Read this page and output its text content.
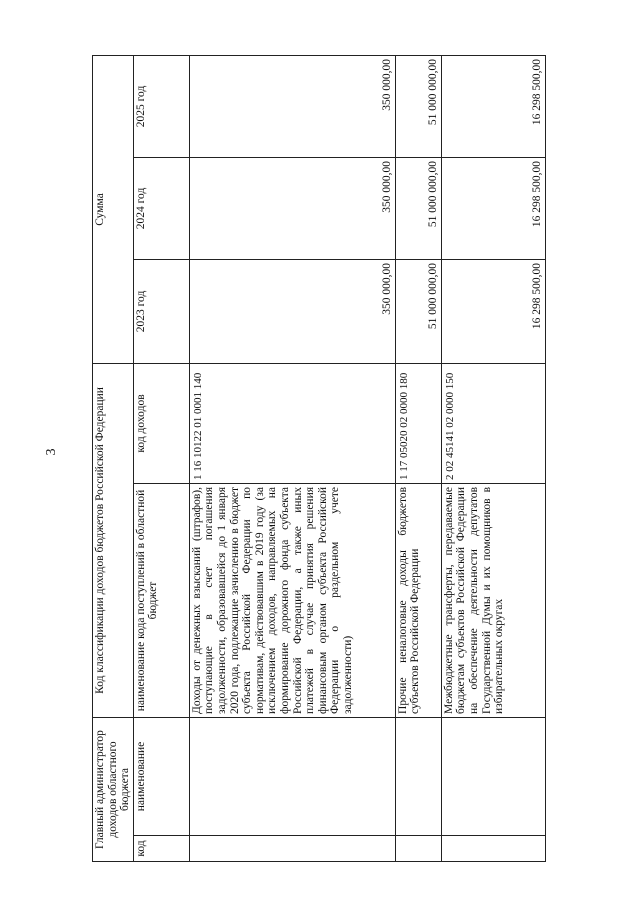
3
Главный администратор доходов областного бюджета		Код классификации доходов бюджетов Российской Федерации		Сумма		
код	наименование	наименование кода поступлений в областной бюджет	код доходов	2023 год	2024 год	2025 год

		Доходы от денежных взысканий (штрафов), поступающие в счет погашения задолженности, образовавшейся до 1 января 2020 года, подлежащие зачислению в бюджет субъекта Российской Федерации по нормативам, действовавшим в 2019 году (за исключением доходов, направляемых на формирование дорожного фонда субъекта Российской Федерации, а также иных платежей в случае принятия решения финансовым органом субъекта Российской Федерации о раздельном учете задолженности)	1 16 10122 01 0001 140	350 000,00	350 000,00	350 000,00
		Прочие неналоговые доходы бюджетов субъектов Российской Федерации	1 17 05020 02 0000 180	51 000 000,00	51 000 000,00	51 000 000,00
		Межбюджетные трансферты, передаваемые бюджетам субъектов Российской Федерации на обеспечение деятельности депутатов Государственной Думы и их помощников в избирательных округах	2 02 45141 02 0000 150	16 298 500,00	16 298 500,00	16 298 500,00
